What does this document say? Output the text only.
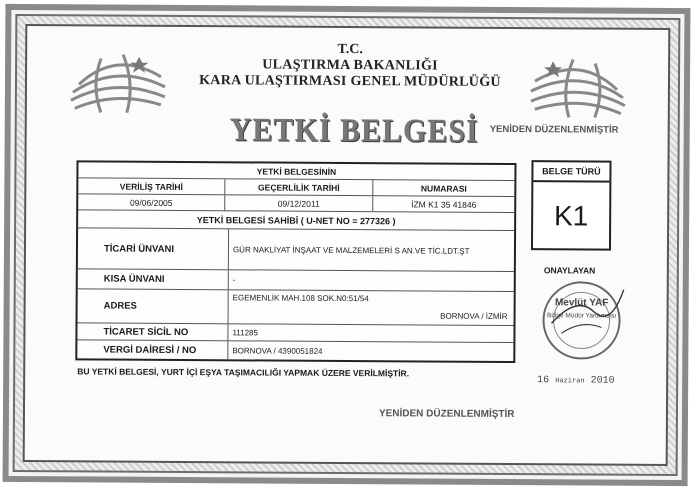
T.C.
ULAŞTIRMA BAKANLIĞI
KARA ULAŞTIRMASI GENEL MÜDÜRLÜĞÜ
YETKİ BELGESİ YENİDEN DÜZENLENMİŞTİR
YETKİ BELGESİNİN
VERİLİŞ TARİHİ	GEÇERLİLİK TARİHİ	NUMARASI
09/06/2005	09/12/2011	İZM K1 35 41846
YETKİ BELGESİ SAHİBİ ( U-NET NO = 277326 )
TİCARİ ÜNVANI	GÜR NAKLİYAT İNŞAAT VE MALZEMELERİ S AN.VE TİC.LDT.ŞT
KISA ÜNVANI	-
ADRES
EGEMENLİK MAH.108 SOK.N0:51/54
BORNOVA / İZMİR
TİCARET SİCİL NO	111285
VERGİ DAİRESİ / NO	BORNOVA / 4390051824
BELGE TÜRÜ
K1
ONAYLAYAN
Mevlüt YAF
Bölge Müdür Yardımcısı
BU YETKİ BELGESİ, YURT İÇİ EŞYA TAŞIMACILIĞI YAPMAK ÜZERE VERİLMİŞTİR.
16 Haziran 2010
YENİDEN DÜZENLENMİŞTİR
